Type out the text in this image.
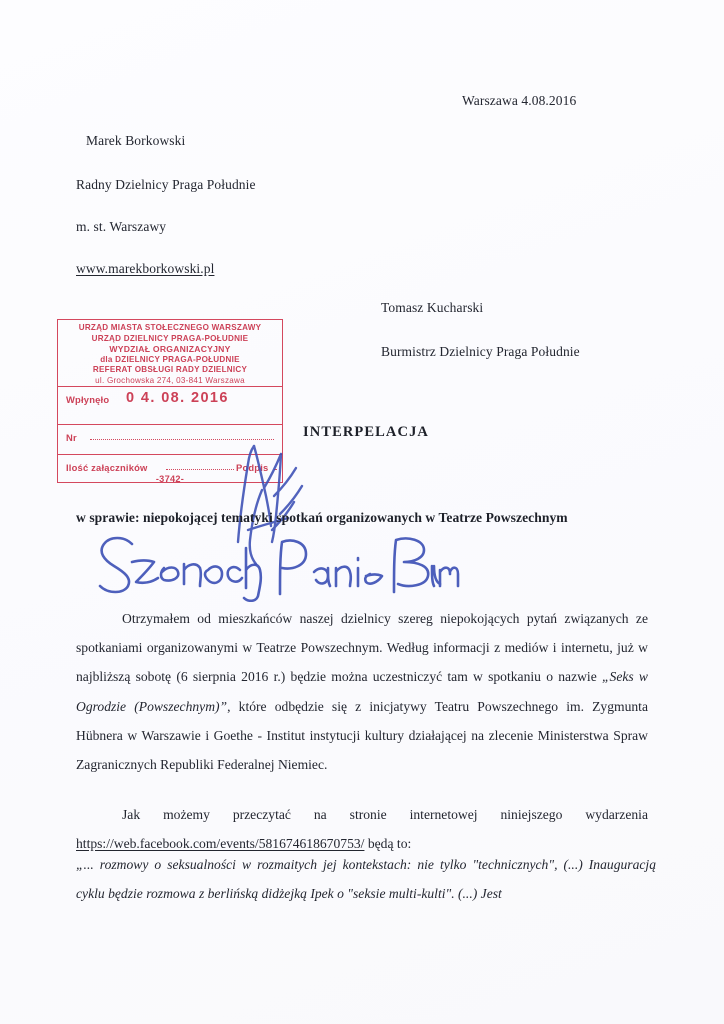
Warszawa 4.08.2016
Marek Borkowski
Radny Dzielnicy Praga Południe
m. st. Warszawy
www.marekborkowski.pl
Tomasz Kucharski
Burmistrz Dzielnicy Praga Południe
URZĄD MIASTA STOŁECZNEGO WARSZAWY
URZĄD DZIELNICY PRAGA-POŁUDNIE
WYDZIAŁ ORGANIZACYJNY
dla DZIELNICY PRAGA-POŁUDNIE
REFERAT OBSŁUGI RADY DZIELNICY
ul. Grochowska 274, 03-841 Warszawa
Wpłynęło 0 4. 08. 2016
Nr
Ilość załączników	Podpis
-3742-
INTERPELACJA
w sprawie: niepokojącej tematyki spotkań organizowanych w Teatrze Powszechnym
Otrzymałem od mieszkańców naszej dzielnicy szereg niepokojących pytań związanych ze spotkaniami organizowanymi w Teatrze Powszechnym. Według informacji z mediów i internetu, już w najbliższą sobotę (6 sierpnia 2016 r.) będzie można uczestniczyć tam w spotkaniu o nazwie „Seks w Ogrodzie (Powszechnym)”, które odbędzie się z inicjatywy Teatru Powszechnego im. Zygmunta Hübnera w Warszawie i Goethe - Institut instytucji kultury działającej na zlecenie Ministerstwa Spraw Zagranicznych Republiki Federalnej Niemiec.
Jak możemy przeczytać na stronie internetowej niniejszego wydarzenia https://web.facebook.com/events/581674618670753/ będą to:
„... rozmowy o seksualności w rozmaitych jej kontekstach: nie tylko "technicznych", (...) Inauguracją cyklu będzie rozmowa z berlińską didżejką Ipek o "seksie multi-kulti". (...) Jest
